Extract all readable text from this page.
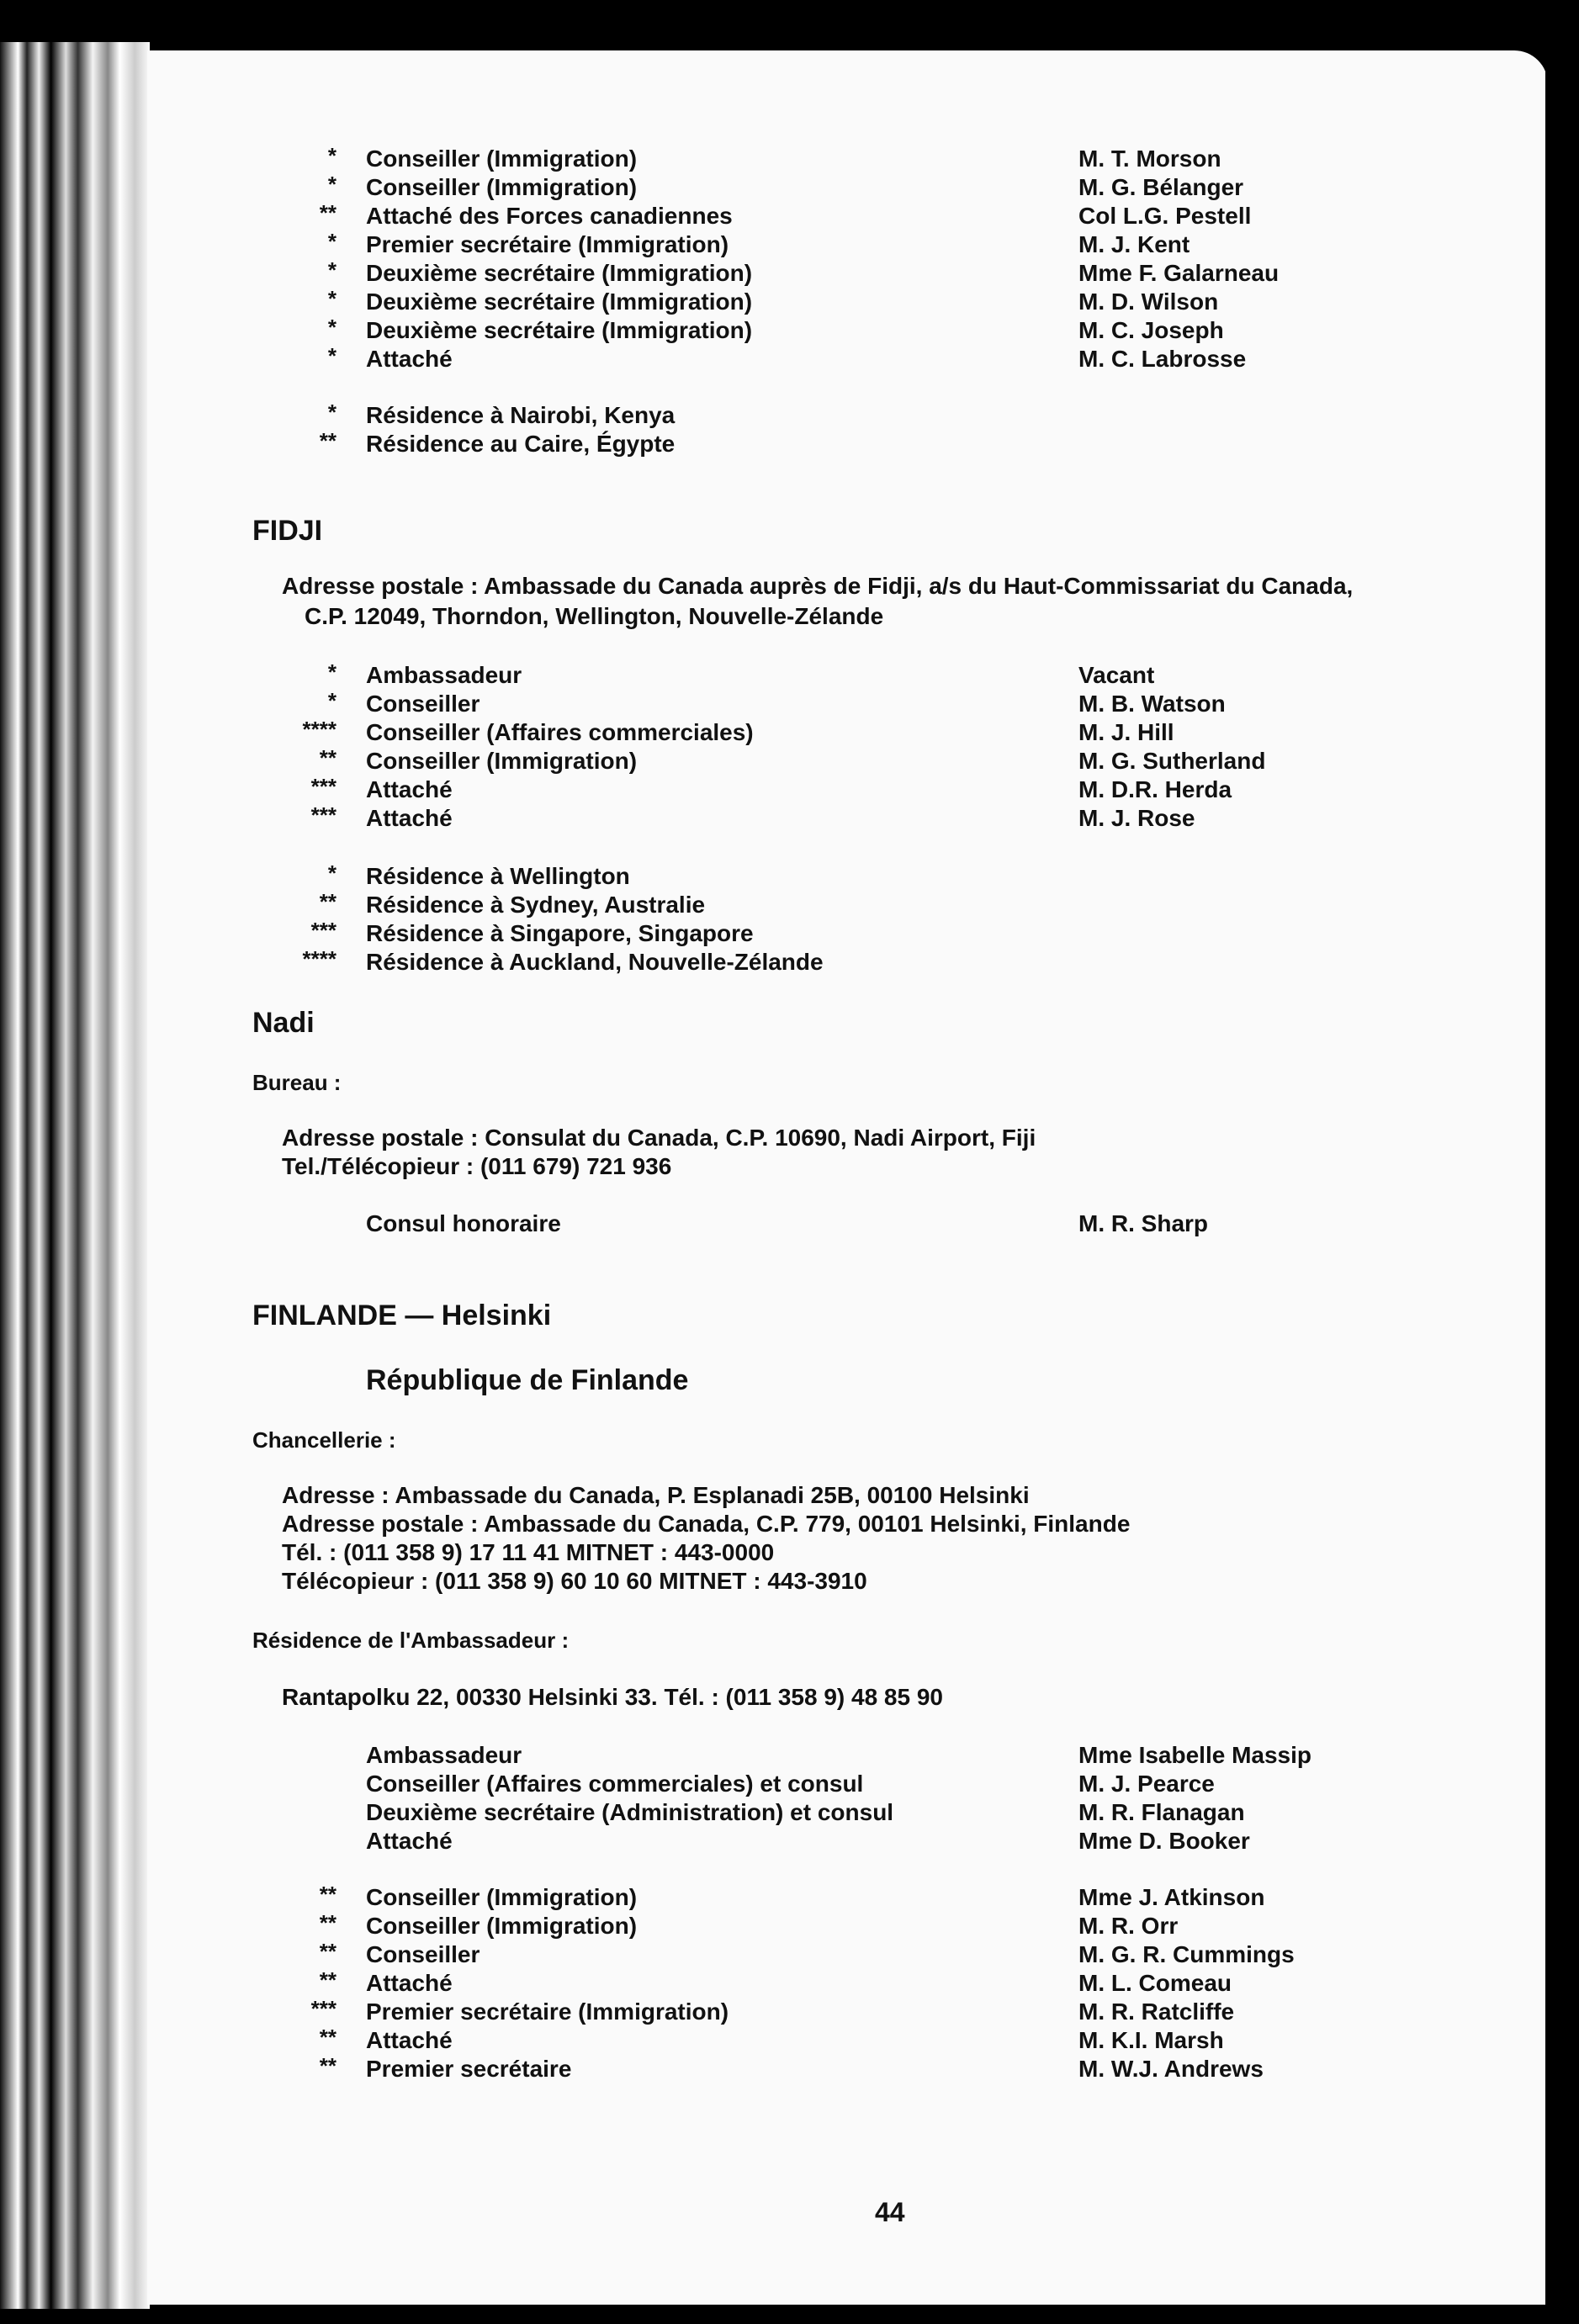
* Conseiller (Immigration)	M. T. Morson
* Conseiller (Immigration)	M. G. Bélanger
** Attaché des Forces canadiennes	Col L.G. Pestell
* Premier secrétaire (Immigration)	M. J. Kent
* Deuxième secrétaire (Immigration)	Mme F. Galarneau
* Deuxième secrétaire (Immigration)	M. D. Wilson
* Deuxième secrétaire (Immigration)	M. C. Joseph
* Attaché	M. C. Labrosse
* Résidence à Nairobi, Kenya
** Résidence au Caire, Égypte
FIDJI
Adresse postale : Ambassade du Canada auprès de Fidji, a/s du Haut-Commissariat du Canada,
C.P. 12049, Thorndon, Wellington, Nouvelle-Zélande
* Ambassadeur	Vacant
* Conseiller	M. B. Watson
**** Conseiller (Affaires commerciales)	M. J. Hill
** Conseiller (Immigration)	M. G. Sutherland
*** Attaché	M. D.R. Herda
*** Attaché	M. J. Rose
* Résidence à Wellington
** Résidence à Sydney, Australie
*** Résidence à Singapore, Singapore
**** Résidence à Auckland, Nouvelle-Zélande
Nadi
Bureau :
Adresse postale : Consulat du Canada, C.P. 10690, Nadi Airport, Fiji
Tel./Télécopieur : (011 679) 721 936
Consul honoraire	M. R. Sharp
FINLANDE — Helsinki
République de Finlande
Chancellerie :
Adresse : Ambassade du Canada, P. Esplanadi 25B, 00100 Helsinki
Adresse postale : Ambassade du Canada, C.P. 779, 00101 Helsinki, Finlande
Tél. : (011 358 9) 17 11 41 MITNET : 443-0000
Télécopieur : (011 358 9) 60 10 60 MITNET : 443-3910
Résidence de l'Ambassadeur :
Rantapolku 22, 00330 Helsinki 33. Tél. : (011 358 9) 48 85 90
Ambassadeur	Mme Isabelle Massip
Conseiller (Affaires commerciales) et consul	M. J. Pearce
Deuxième secrétaire (Administration) et consul	M. R. Flanagan
Attaché	Mme D. Booker
** Conseiller (Immigration)	Mme J. Atkinson
** Conseiller (Immigration)	M. R. Orr
** Conseiller	M. G. R. Cummings
** Attaché	M. L. Comeau
*** Premier secrétaire (Immigration)	M. R. Ratcliffe
** Attaché	M. K.I. Marsh
** Premier secrétaire	M. W.J. Andrews
44
